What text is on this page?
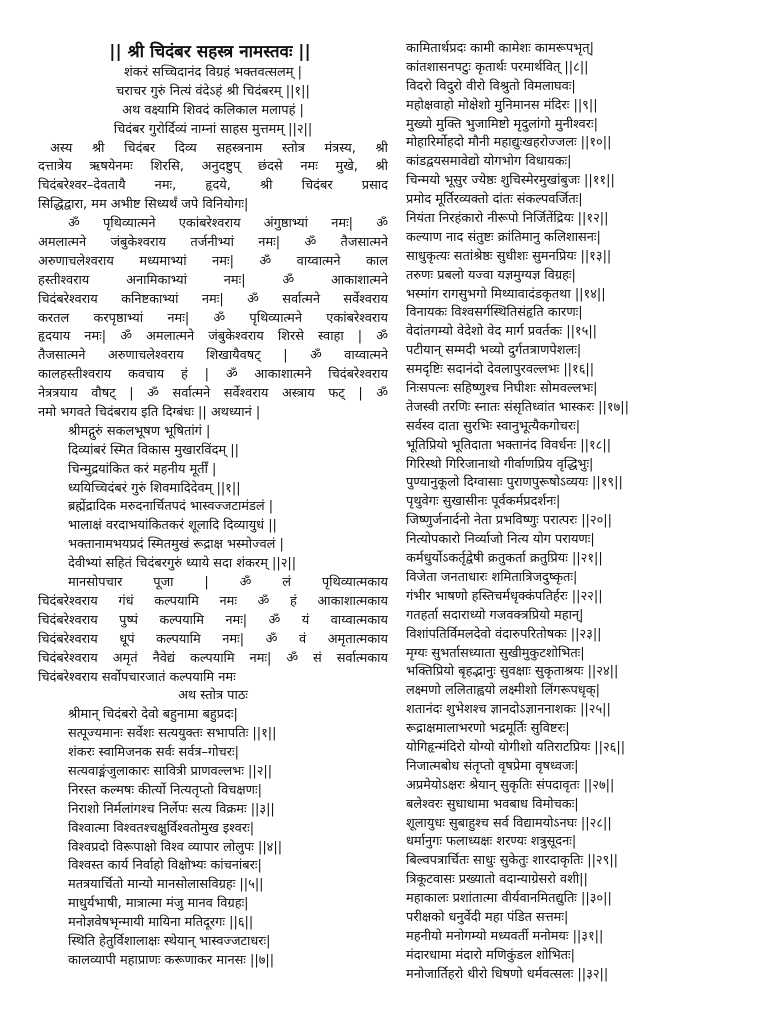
|| श्री चिदंबर सहस्त्र नामस्तवः ||
शंकरं सच्चिदानंद विग्रहं भक्तवत्सलम् |
चराचर गुरुं नित्यं वंदेऽहं श्री चिदंबरम् ||१||
अथ वक्ष्यामि शिवदं कलिकाल मलापहं |
चिदंबर गुरोर्दिव्यं नाम्नां साहस मुत्तमम् ||२||
अस्य श्री चिदंबर दिव्य सहस्त्रनाम स्तोत्र मंत्रस्य, श्री
दत्तात्रेय ऋषयेनमः शिरसि, अनुदष्टुप् छंदसे नमः मुखे, श्री
चिदंबरेश्वर–देवतायै नमः, हृदये, श्री चिदंबर प्रसाद
सिद्धिद्वारा, मम अभीष्ट सिध्यर्थं जपे विनियोगः|
ॐ पृथिव्यात्मने एकांबरेश्वराय अंगुष्ठाभ्यां नमः| ॐ
अमलात्मने जंबुकेश्वराय तर्जनीभ्यां नमः| ॐ तैजसात्मने
अरुणाचलेश्वराय मध्यमाभ्यां नमः| ॐ वाय्वात्मने काल
हस्तीश्वराय अनामिकाभ्यां नमः| ॐ आकाशात्मने
चिदंबरेश्वराय कनिष्टकाभ्यां नमः| ॐ सर्वात्मने सर्वेश्वराय
करतल करपृष्ठाभ्यां नमः| ॐ पृथिव्यात्मने एकांबरेश्वराय
हृदयाय नमः| ॐ अमलात्मने जंबुकेश्वराय शिरसे स्वाहा | ॐ
तैजसात्मने अरुणाचलेश्वराय शिखायैवषट् | ॐ वाय्वात्मने
कालहस्तीश्वराय कवचाय हं | ॐ आकाशात्मने चिदंबरेश्वराय
नेत्रत्रयाय वौषट् | ॐ सर्वात्मने सर्वेश्वराय अस्त्राय फट् | ॐ
नमो भगवते चिदंबराय इति दिग्बंधः || अथध्यानं |
श्रीमद्गुरुं सकलभूषण भूषितांगं |
दिव्यांबरं स्मित विकास मुखारविंदम् ||
चिन्मुद्रयांकित करं महनीय मूर्तीं |
ध्ययिच्चिदंबरं गुरुं शिवमादिदेवम् ||१||
ब्रह्मेंद्रादिक मरुदनार्चितपदं भास्वज्जटामंडलं |
भालाक्षं वरदाभयांकितकरं शूलादि दिव्यायुधं ||
भक्तानामभयप्रदं स्मितमुखं रूद्राक्ष भस्मोज्वलं |
देवीभ्यां सहितं चिदंबरगुरुं ध्याये सदा शंकरम् ||२||
मानसोपचार पूजा | ॐ लं पृथिव्यात्मकाय
चिदंबरेश्वराय गंधं कल्पयामि नमः ॐ हं आकाशात्मकाय
चिदंबरेश्वराय पुष्पं कल्पयामि नमः| ॐ यं वाय्वात्मकाय
चिदंबरेश्वराय धूपं कल्पयामि नमः| ॐ वं अमृतात्मकाय
चिदंबरेश्वराय अमृतं नैवेद्यं कल्पयामि नमः| ॐ सं सर्वात्मकाय
चिदंबरेश्वराय सर्वोपचारजातं कल्पयामि नमः
अथ स्तोत्र पाठः
श्रीमान् चिदंबरो देवो बहुनामा बहुप्रदः|
सत्पूज्यमानः सर्वेशः सत्ययुक्तः सभापतिः ||१||
शंकरः स्वामिजनक सर्वः सर्वत्र–गोचरः|
सत्यवाङ्मंजुलाकारः सावित्री प्राणवल्लभः ||२||
निरस्त कल्मषः कीर्त्यो नित्यतृप्तो विचक्षणः|
निराशो निर्मलांगश्च निर्लेपः सत्य विक्रमः ||३||
विश्वात्मा विश्वतश्चक्षुर्विश्वतोमुख इश्वरः|
विश्वप्रदो विरूपाक्षो विश्व व्यापार लोलुपः ||४||
विश्वस्त कार्य निर्वाहो विक्षोभ्यः कांचनांबरः|
मतत्रयार्चितो मान्यो मानसोलासविग्रहः ||५||
माधुर्यभाषी, मात्रात्मा मंजु मानव विग्रहः|
मनोज्ञवेषभृन्मायी मायिना मतिदूरगः ||६||
स्थिति हेतुर्विशालाक्षः स्थेयान् भास्वज्जटाधरः|
कालव्यापी महाप्राणः करूणाकर मानसः ||७||
कामितार्थप्रदः कामी कामेशः कामरूपभृत्|
कांतशासनपटुः कृतार्थः परमार्थवित् ||८||
विदरो विदुरो वीरो विश्रुतो विमलाघवः|
महोक्षवाहो मोक्षेशो मुनिमानस मंदिरः ||९||
मुख्यो मुक्ति भुजामिष्टो मृदुलांगो मुनीश्वरः|
मोहारिर्मोहदो मौनी महाद्युःखहरोज्जलः ||१०||
कांडद्वयसमावेद्यो योगभोग विधायकः|
चिन्मयो भूसुर ज्येष्ठः शुचिस्मेरमुखांबुजः ||११||
प्रमोद मूर्तिरव्यक्तो दांतः संकल्पवर्जितः|
नियंता निरहंकारो नीरूपो निर्जितेंद्रियः ||१२||
कल्याण नाद संतुष्टः क्रांतिमानु कलिशासनः|
साधुकृत्यः सतांश्रेष्ठः सुधीशः सुमनप्रियः ||१३||
तरुणः प्रबलो यज्वा यज्ञमुग्यज्ञ विग्रहः|
भस्मांग रागसुभगो मिथ्यावादंडकृतथा ||१४||
विनायकः विश्वसर्गस्थितिसंहृति कारणः|
वेदांतगम्यो वेदेशो वेद मार्ग प्रवर्तकः ||१५||
पटीयान् सम्मदी भव्यो दुर्गतत्राणपेशलः|
समदृष्टिः सदानंदो देवलापुरवल्लभः ||१६||
निःसपत्नः सहिष्णुश्च निघीशः सोमवल्लभः|
तेजस्वी तरणिः स्नातः संसृतिध्वांत भास्करः ||१७||
सर्वस्व दाता सुरभिः स्वानुभूत्यैकगोचरः|
भूतिप्रियो भूतिदाता भक्तानंद विवर्धनः ||१८||
गिरिस्थो गिरिजानाथो गीर्वाणप्रिय वृद्धिभुः|
पुण्यानुकूलो दिग्वासाः पुराणपुरूषोऽव्ययः ||१९||
पृथुवेगः सुखासीनः पूर्वकर्मप्रदर्शनः|
जिष्णुर्जनार्दनो नेता प्रभविष्णुः परात्परः ||२०||
नित्योपकारो निर्व्याजो नित्य योग परायणः|
कर्मधुर्योऽकर्तृद्वेषी क्रतुकर्ता क्रतुप्रियः ||२१||
विजेता जनताधारः शमितात्रिजदुष्कृतः|
गंभीर भाषणो हस्तिचर्मधृक्कंपतिर्हरः ||२२||
गतहर्ता सदाराध्यो गजवक्त्रप्रियो महान्|
विशांपतिर्विमलदेवो वंदारुपरितोषकः ||२३||
मृग्यः सुभर्तासध्याता सुखीमुकुटशोभितः|
भक्तिप्रियो बृहद्भानुः सुवक्षाः सुकृताश्रयः ||२४||
लक्ष्मणो ललिताह्वयो लक्ष्मीशो लिंगरूपधृक्|
शतानंदः शुभेशश्च ज्ञानदोऽज्ञाननाशकः ||२५||
रूद्राक्षमालाभरणो भद्रमूर्तिः सुविष्टरः|
योगिहृन्मंदिरो योग्यो योगीशो यतिराटप्रियः ||२६||
निजात्मबोध संतृप्तो वृषप्रेमा वृषध्वजः|
अप्रमेयोऽक्षरः श्रेयान् सुकृतिः संपदावृतः ||२७||
बलेश्वरः सुधाधामा भवबाध विमोचकः|
शूलायुधः सुबाहुश्च सर्व विद्यामयोऽनघः ||२८||
धर्मानुगः फलाध्यक्षः शरण्यः शत्रुसूदनः|
बिल्वपत्रार्चितः साधुः सुकेतुः शारदाकृतिः ||२९||
त्रिकूटवासः प्रख्यातो वदान्याग्रेसरो वशी||
महाकालः प्रशांतात्मा वीर्यवानमितद्युतिः ||३०||
परीक्षको धनुर्वेदी महा पंडित सत्तमः|
महनीयो मनोगम्यो मध्यवर्ती मनोमयः ||३१||
मंदारधामा मंदारो मणिकुंडल शोभितः|
मनोजार्तिहरो धीरो धिषणो धर्मवत्सलः ||३२||
